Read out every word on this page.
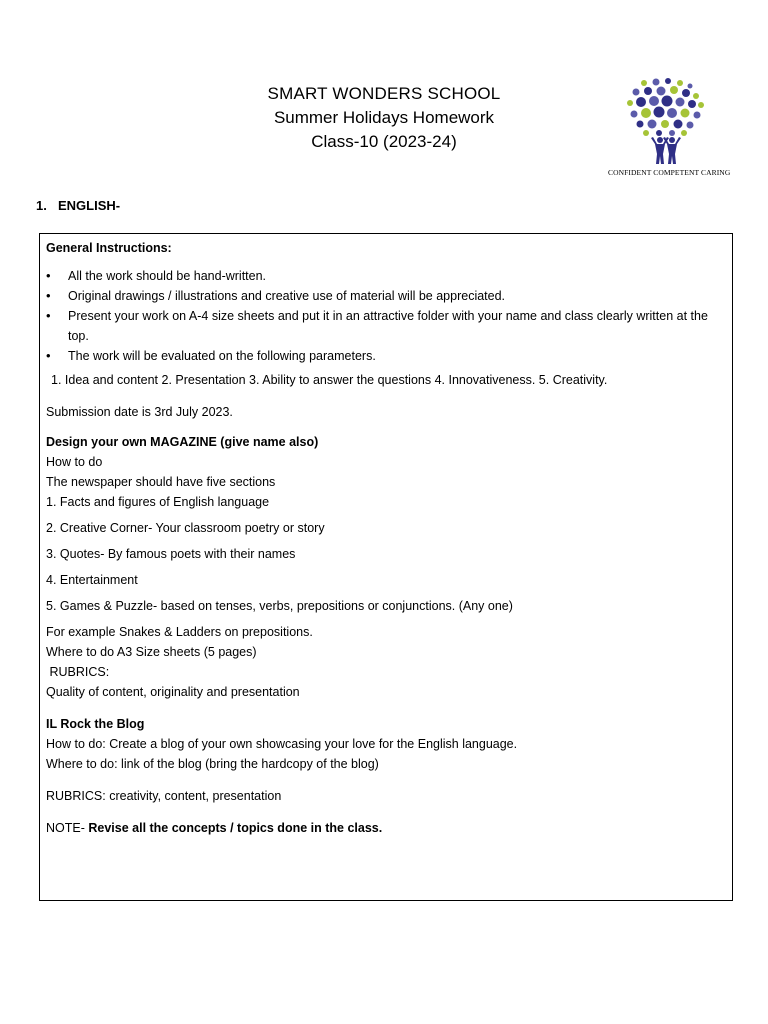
SMART WONDERS SCHOOL
Summer Holidays Homework
Class-10 (2023-24)
CONFIDENT COMPETENT CARING
1. ENGLISH-
General Instructions:
• All the work should be hand-written.
• Original drawings / illustrations and creative use of material will be appreciated.
• Present your work on A-4 size sheets and put it in an attractive folder with your name and class clearly written at the top.
• The work will be evaluated on the following parameters.
1. Idea and content 2. Presentation 3. Ability to answer the questions 4. Innovativeness. 5. Creativity.
Submission date is 3rd July 2023.
Design your own MAGAZINE (give name also)
How to do
The newspaper should have five sections
1. Facts and figures of English language
2. Creative Corner- Your classroom poetry or story
3. Quotes- By famous poets with their names
4. Entertainment
5. Games & Puzzle- based on tenses, verbs, prepositions or conjunctions. (Any one)
For example Snakes & Ladders on prepositions.
Where to do A3 Size sheets (5 pages)
RUBRICS:
Quality of content, originality and presentation
IL Rock the Blog
How to do: Create a blog of your own showcasing your love for the English language.
Where to do: link of the blog (bring the hardcopy of the blog)
RUBRICS: creativity, content, presentation
NOTE- Revise all the concepts / topics done in the class.
